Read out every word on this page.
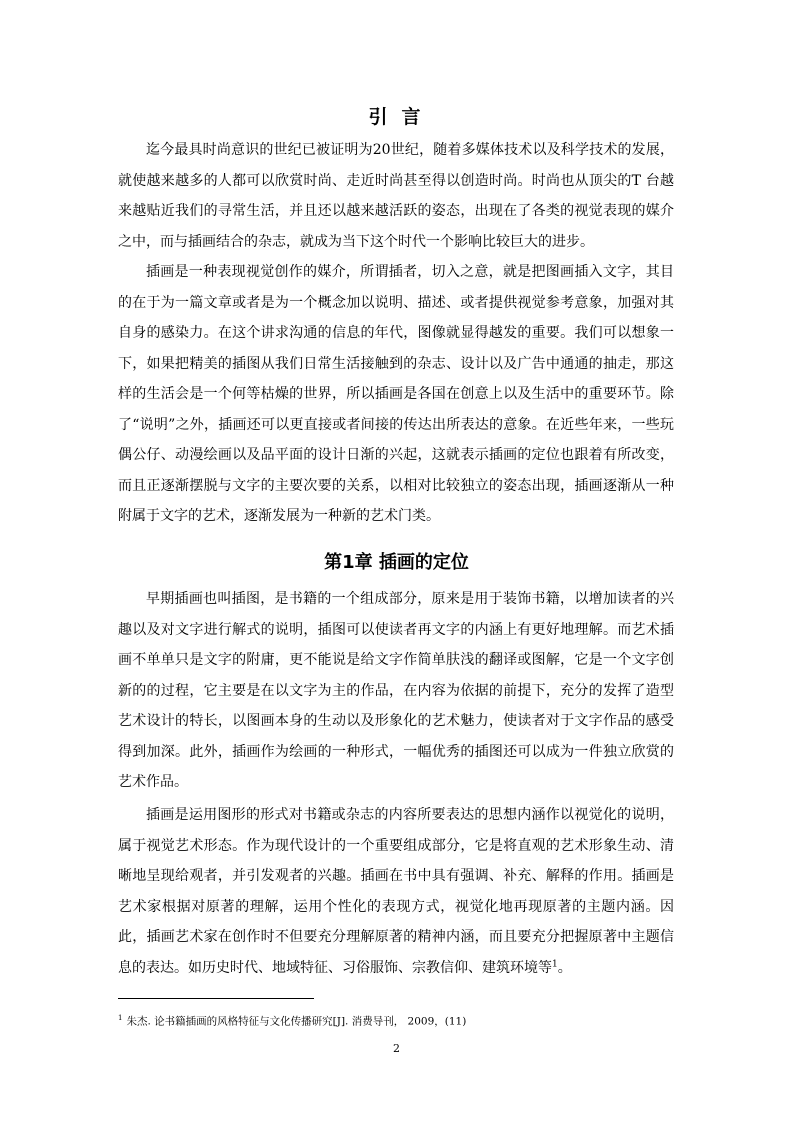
引言

迄今最具时尚意识的世纪已被证明为20世纪，随着多媒体技术以及科学技术的发展，就使越来越多的人都可以欣赏时尚、走近时尚甚至得以创造时尚。时尚也从顶尖的T 台越来越贴近我们的寻常生活，并且还以越来越活跃的姿态，出现在了各类的视觉表现的媒介之中，而与插画结合的杂志，就成为当下这个时代一个影响比较巨大的进步。

插画是一种表现视觉创作的媒介，所谓插者，切入之意，就是把图画插入文字，其目的在于为一篇文章或者是为一个概念加以说明、描述、或者提供视觉参考意象，加强对其自身的感染力。在这个讲求沟通的信息的年代，图像就显得越发的重要。我们可以想象一下，如果把精美的插图从我们日常生活接触到的杂志、设计以及广告中通通的抽走，那这样的生活会是一个何等枯燥的世界，所以插画是各国在创意上以及生活中的重要环节。除了“说明”之外，插画还可以更直接或者间接的传达出所表达的意象。在近些年来，一些玩偶公仔、动漫绘画以及品平面的设计日渐的兴起，这就表示插画的定位也跟着有所改变，而且正逐渐摆脱与文字的主要次要的关系，以相对比较独立的姿态出现，插画逐渐从一种附属于文字的艺术，逐渐发展为一种新的艺术门类。

第1章 插画的定位

早期插画也叫插图，是书籍的一个组成部分，原来是用于装饰书籍，以增加读者的兴趣以及对文字进行解式的说明，插图可以使读者再文字的内涵上有更好地理解。而艺术插画不单单只是文字的附庸，更不能说是给文字作简单肤浅的翻译或图解，它是一个文字创新的的过程，它主要是在以文字为主的作品，在内容为依据的前提下，充分的发挥了造型艺术设计的特长，以图画本身的生动以及形象化的艺术魅力，使读者对于文字作品的感受得到加深。此外，插画作为绘画的一种形式，一幅优秀的插图还可以成为一件独立欣赏的艺术作品。

插画是运用图形的形式对书籍或杂志的内容所要表达的思想内涵作以视觉化的说明，属于视觉艺术形态。作为现代设计的一个重要组成部分，它是将直观的艺术形象生动、清晰地呈现给观者，并引发观者的兴趣。插画在书中具有强调、补充、解释的作用。插画是艺术家根据对原著的理解，运用个性化的表现方式，视觉化地再现原著的主题内涵。因此，插画艺术家在创作时不但要充分理解原著的精神内涵，而且要充分把握原著中主题信息的表达。如历史时代、地域特征、习俗服饰、宗教信仰、建筑环境等$^1$。

$^1$ 朱杰. 论书籍插画的风格特征与文化传播研究[J]. 消费导刊， 2009，(11)

2
